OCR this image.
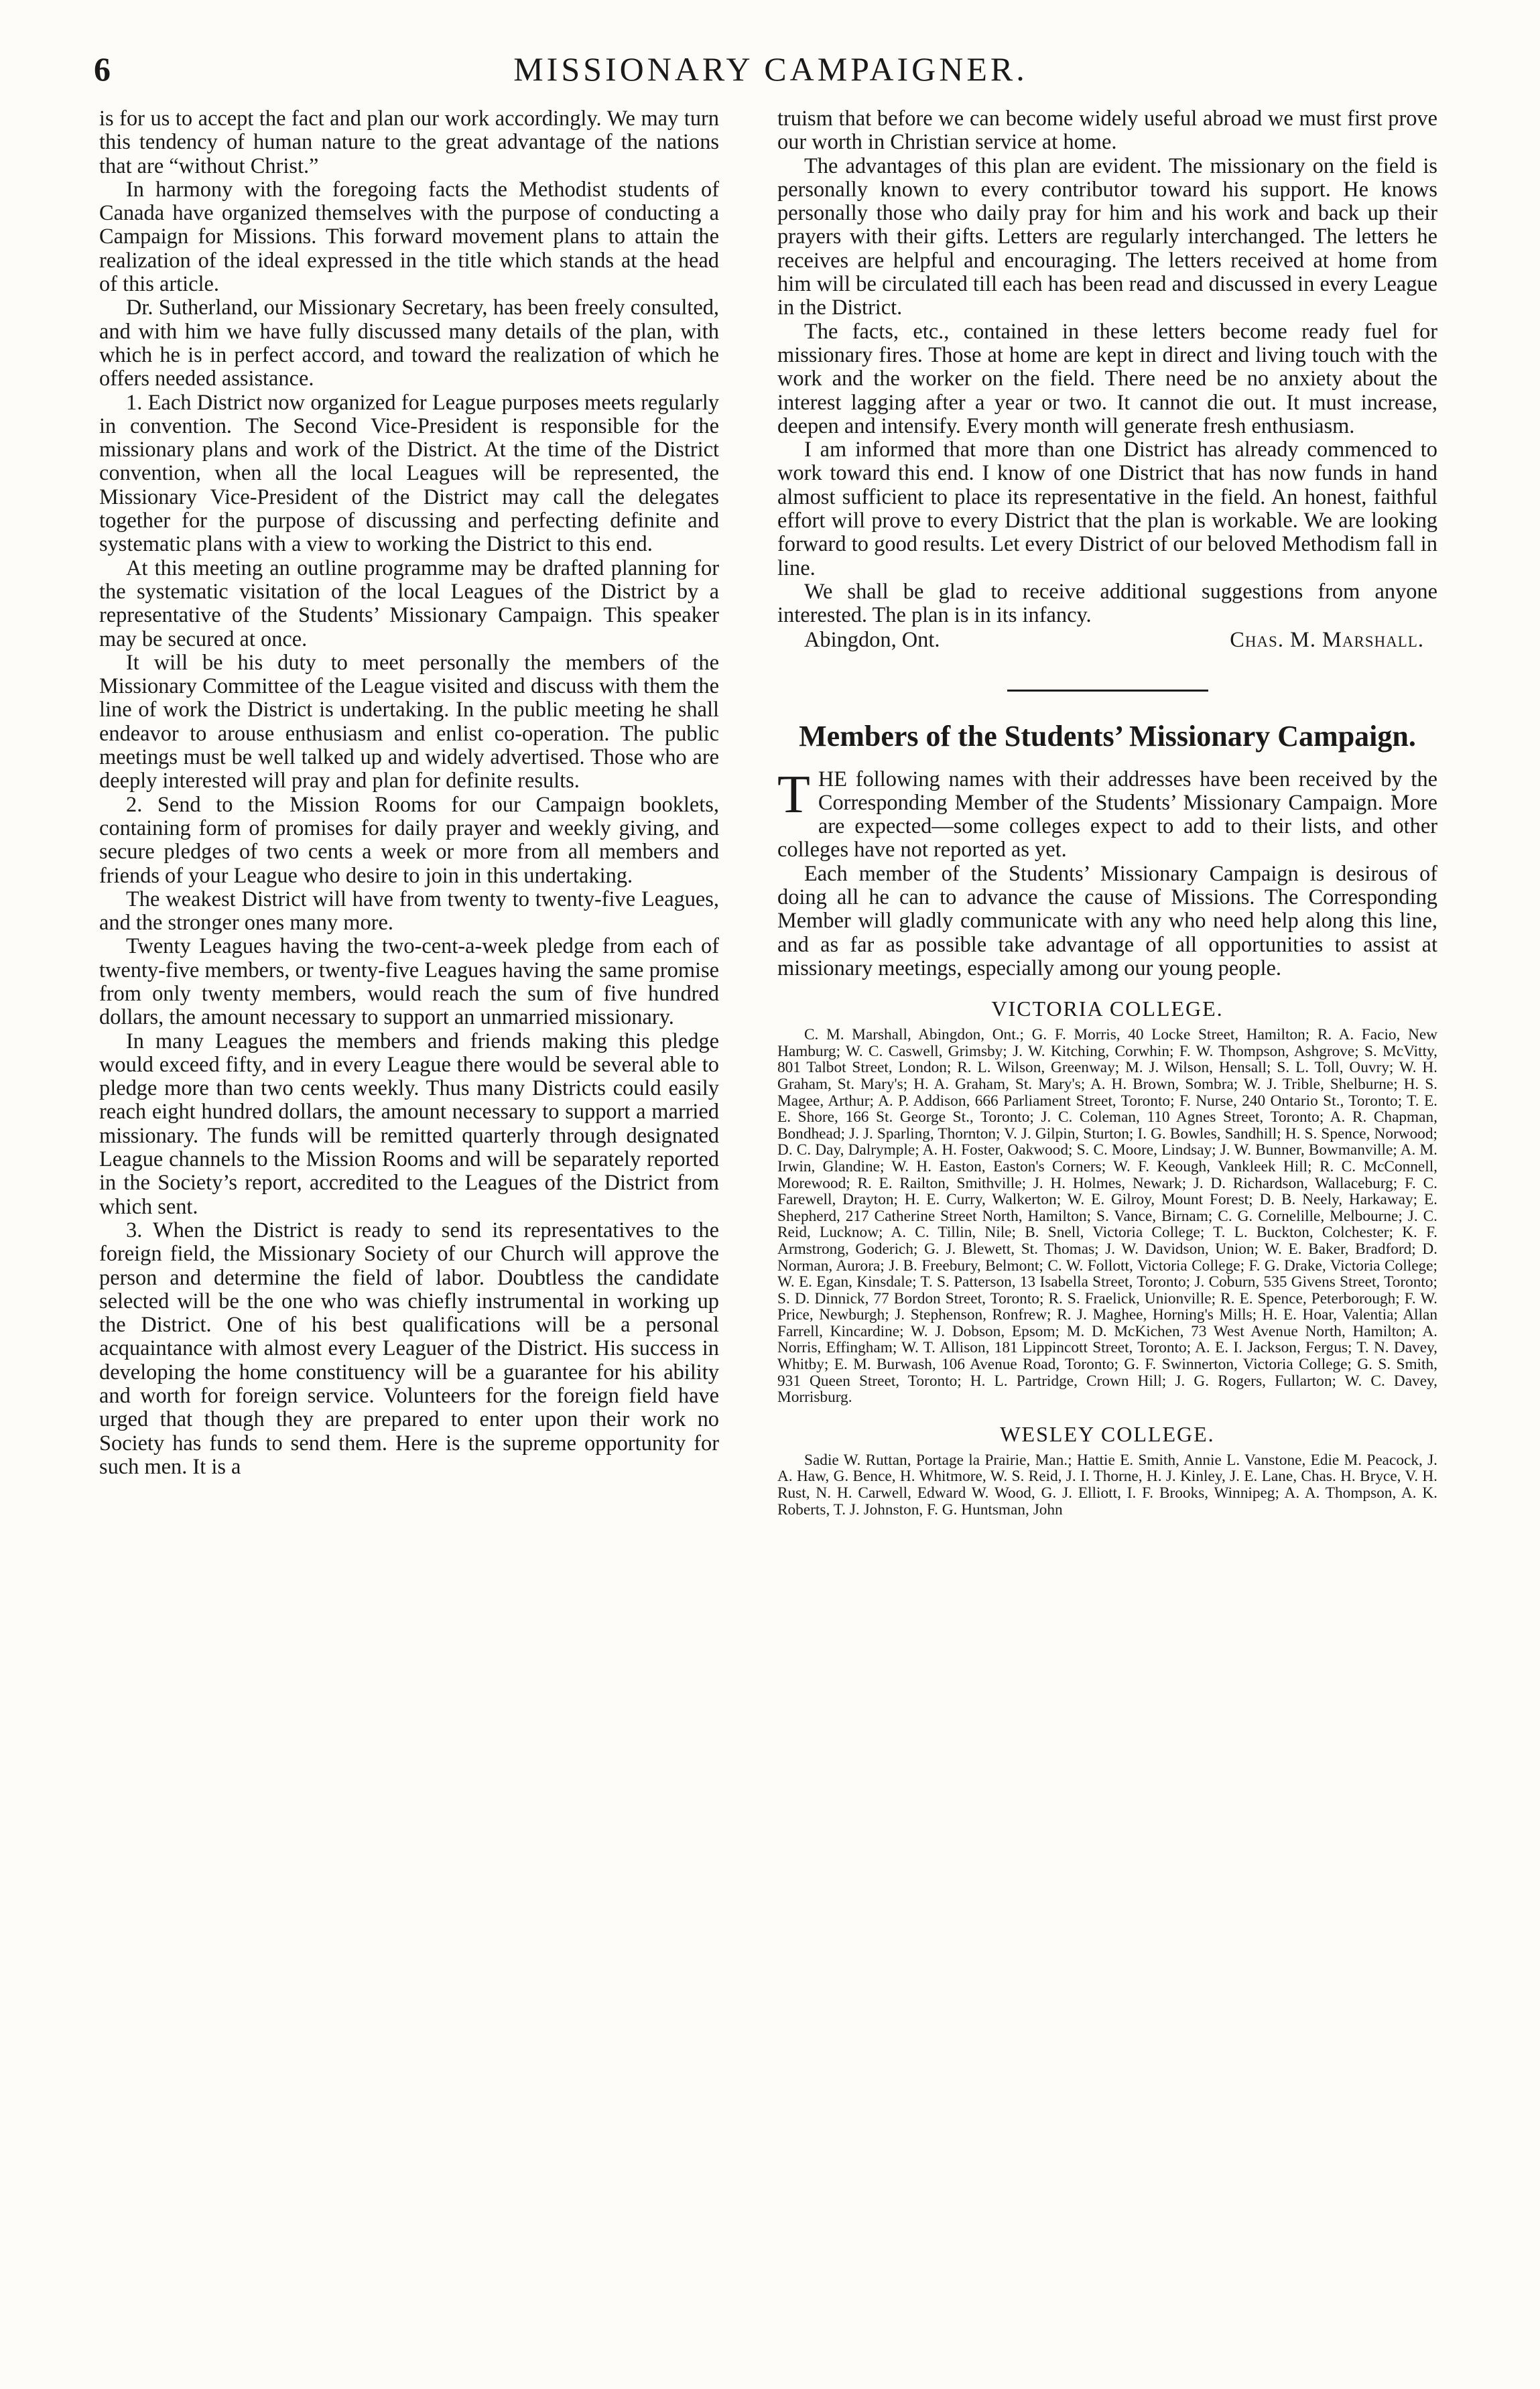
6	MISSIONARY CAMPAIGNER.

is for us to accept the fact and plan our work accordingly. We may turn this tendency of human nature to the great advantage of the nations that are “without Christ.”

In harmony with the foregoing facts the Methodist students of Canada have organized themselves with the purpose of conducting a Campaign for Missions. This forward movement plans to attain the realization of the ideal expressed in the title which stands at the head of this article.

Dr. Sutherland, our Missionary Secretary, has been freely consulted, and with him we have fully discussed many details of the plan, with which he is in perfect accord, and toward the realization of which he offers needed assistance.

1. Each District now organized for League purposes meets regularly in convention. The Second Vice-President is responsible for the missionary plans and work of the District. At the time of the District convention, when all the local Leagues will be represented, the Missionary Vice-President of the District may call the delegates together for the purpose of discussing and perfecting definite and systematic plans with a view to working the District to this end.

At this meeting an outline programme may be drafted planning for the systematic visitation of the local Leagues of the District by a representative of the Students’ Missionary Campaign. This speaker may be secured at once.

It will be his duty to meet personally the members of the Missionary Committee of the League visited and discuss with them the line of work the District is undertaking. In the public meeting he shall endeavor to arouse enthusiasm and enlist co-operation. The public meetings must be well talked up and widely advertised. Those who are deeply interested will pray and plan for definite results.

2. Send to the Mission Rooms for our Campaign booklets, containing form of promises for daily prayer and weekly giving, and secure pledges of two cents a week or more from all members and friends of your League who desire to join in this undertaking.

The weakest District will have from twenty to twenty-five Leagues, and the stronger ones many more.

Twenty Leagues having the two-cent-a-week pledge from each of twenty-five members, or twenty-five Leagues having the same promise from only twenty members, would reach the sum of five hundred dollars, the amount necessary to support an unmarried missionary.

In many Leagues the members and friends making this pledge would exceed fifty, and in every League there would be several able to pledge more than two cents weekly. Thus many Districts could easily reach eight hundred dollars, the amount necessary to support a married missionary. The funds will be remitted quarterly through designated League channels to the Mission Rooms and will be separately reported in the Society’s report, accredited to the Leagues of the District from which sent.

3. When the District is ready to send its representatives to the foreign field, the Missionary Society of our Church will approve the person and determine the field of labor. Doubtless the candidate selected will be the one who was chiefly instrumental in working up the District. One of his best qualifications will be a personal acquaintance with almost every Leaguer of the District. His success in developing the home constituency will be a guarantee for his ability and worth for foreign service. Volunteers for the foreign field have urged that though they are prepared to enter upon their work no Society has funds to send them. Here is the supreme opportunity for such men. It is a

truism that before we can become widely useful abroad we must first prove our worth in Christian service at home.

The advantages of this plan are evident. The missionary on the field is personally known to every contributor toward his support. He knows personally those who daily pray for him and his work and back up their prayers with their gifts. Letters are regularly interchanged. The letters he receives are helpful and encouraging. The letters received at home from him will be circulated till each has been read and discussed in every League in the District.

The facts, etc., contained in these letters become ready fuel for missionary fires. Those at home are kept in direct and living touch with the work and the worker on the field. There need be no anxiety about the interest lagging after a year or two. It cannot die out. It must increase, deepen and intensify. Every month will generate fresh enthusiasm.

I am informed that more than one District has already commenced to work toward this end. I know of one District that has now funds in hand almost sufficient to place its representative in the field. An honest, faithful effort will prove to every District that the plan is workable. We are looking forward to good results. Let every District of our beloved Methodism fall in line.

We shall be glad to receive additional suggestions from anyone interested. The plan is in its infancy.

Abingdon, Ont.	Chas. M. Marshall.
Members of the Students’ Missionary Campaign.

THE following names with their addresses have been received by the Corresponding Member of the Students’ Missionary Campaign. More are expected—some colleges expect to add to their lists, and other colleges have not reported as yet.

Each member of the Students’ Missionary Campaign is desirous of doing all he can to advance the cause of Missions. The Corresponding Member will gladly communicate with any who need help along this line, and as far as possible take advantage of all opportunities to assist at missionary meetings, especially among our young people.

VICTORIA COLLEGE.
C. M. Marshall, Abingdon, Ont.; G. F. Morris, 40 Locke Street, Hamilton; R. A. Facio, New Hamburg; W. C. Caswell, Grimsby; J. W. Kitching, Corwhin; F. W. Thompson, Ashgrove; S. McVitty, 801 Talbot Street, London; R. L. Wilson, Greenway; M. J. Wilson, Hensall; S. L. Toll, Ouvry; W. H. Graham, St. Mary's; H. A. Graham, St. Mary's; A. H. Brown, Sombra; W. J. Trible, Shelburne; H. S. Magee, Arthur; A. P. Addison, 666 Parliament Street, Toronto; F. Nurse, 240 Ontario St., Toronto; T. E. E. Shore, 166 St. George St., Toronto; J. C. Coleman, 110 Agnes Street, Toronto; A. R. Chapman, Bondhead; J. J. Sparling, Thornton; V. J. Gilpin, Sturton; I. G. Bowles, Sandhill; H. S. Spence, Norwood; D. C. Day, Dalrymple; A. H. Foster, Oakwood; S. C. Moore, Lindsay; J. W. Bunner, Bowmanville; A. M. Irwin, Glandine; W. H. Easton, Easton's Corners; W. F. Keough, Vankleek Hill; R. C. McConnell, Morewood; R. E. Railton, Smithville; J. H. Holmes, Newark; J. D. Richardson, Wallaceburg; F. C. Farewell, Drayton; H. E. Curry, Walkerton; W. E. Gilroy, Mount Forest; D. B. Neely, Harkaway; E. Shepherd, 217 Catherine Street North, Hamilton; S. Vance, Birnam; C. G. Cornelille, Melbourne; J. C. Reid, Lucknow; A. C. Tillin, Nile; B. Snell, Victoria College; T. L. Buckton, Colchester; K. F. Armstrong, Goderich; G. J. Blewett, St. Thomas; J. W. Davidson, Union; W. E. Baker, Bradford; D. Norman, Aurora; J. B. Freebury, Belmont; C. W. Follott, Victoria College; F. G. Drake, Victoria College; W. E. Egan, Kinsdale; T. S. Patterson, 13 Isabella Street, Toronto; J. Coburn, 535 Givens Street, Toronto; S. D. Dinnick, 77 Bordon Street, Toronto; R. S. Fraelick, Unionville; R. E. Spence, Peterborough; F. W. Price, Newburgh; J. Stephenson, Ronfrew; R. J. Maghee, Horning's Mills; H. E. Hoar, Valentia; Allan Farrell, Kincardine; W. J. Dobson, Epsom; M. D. McKichen, 73 West Avenue North, Hamilton; A. Norris, Effingham; W. T. Allison, 181 Lippincott Street, Toronto; A. E. I. Jackson, Fergus; T. N. Davey, Whitby; E. M. Burwash, 106 Avenue Road, Toronto; G. F. Swinnerton, Victoria College; G. S. Smith, 931 Queen Street, Toronto; H. L. Partridge, Crown Hill; J. G. Rogers, Fullarton; W. C. Davey, Morrisburg.
WESLEY COLLEGE.
Sadie W. Ruttan, Portage la Prairie, Man.; Hattie E. Smith, Annie L. Vanstone, Edie M. Peacock, J. A. Haw, G. Bence, H. Whitmore, W. S. Reid, J. I. Thorne, H. J. Kinley, J. E. Lane, Chas. H. Bryce, V. H. Rust, N. H. Carwell, Edward W. Wood, G. J. Elliott, I. F. Brooks, Winnipeg; A. A. Thompson, A. K. Roberts, T. J. Johnston, F. G. Huntsman, John
